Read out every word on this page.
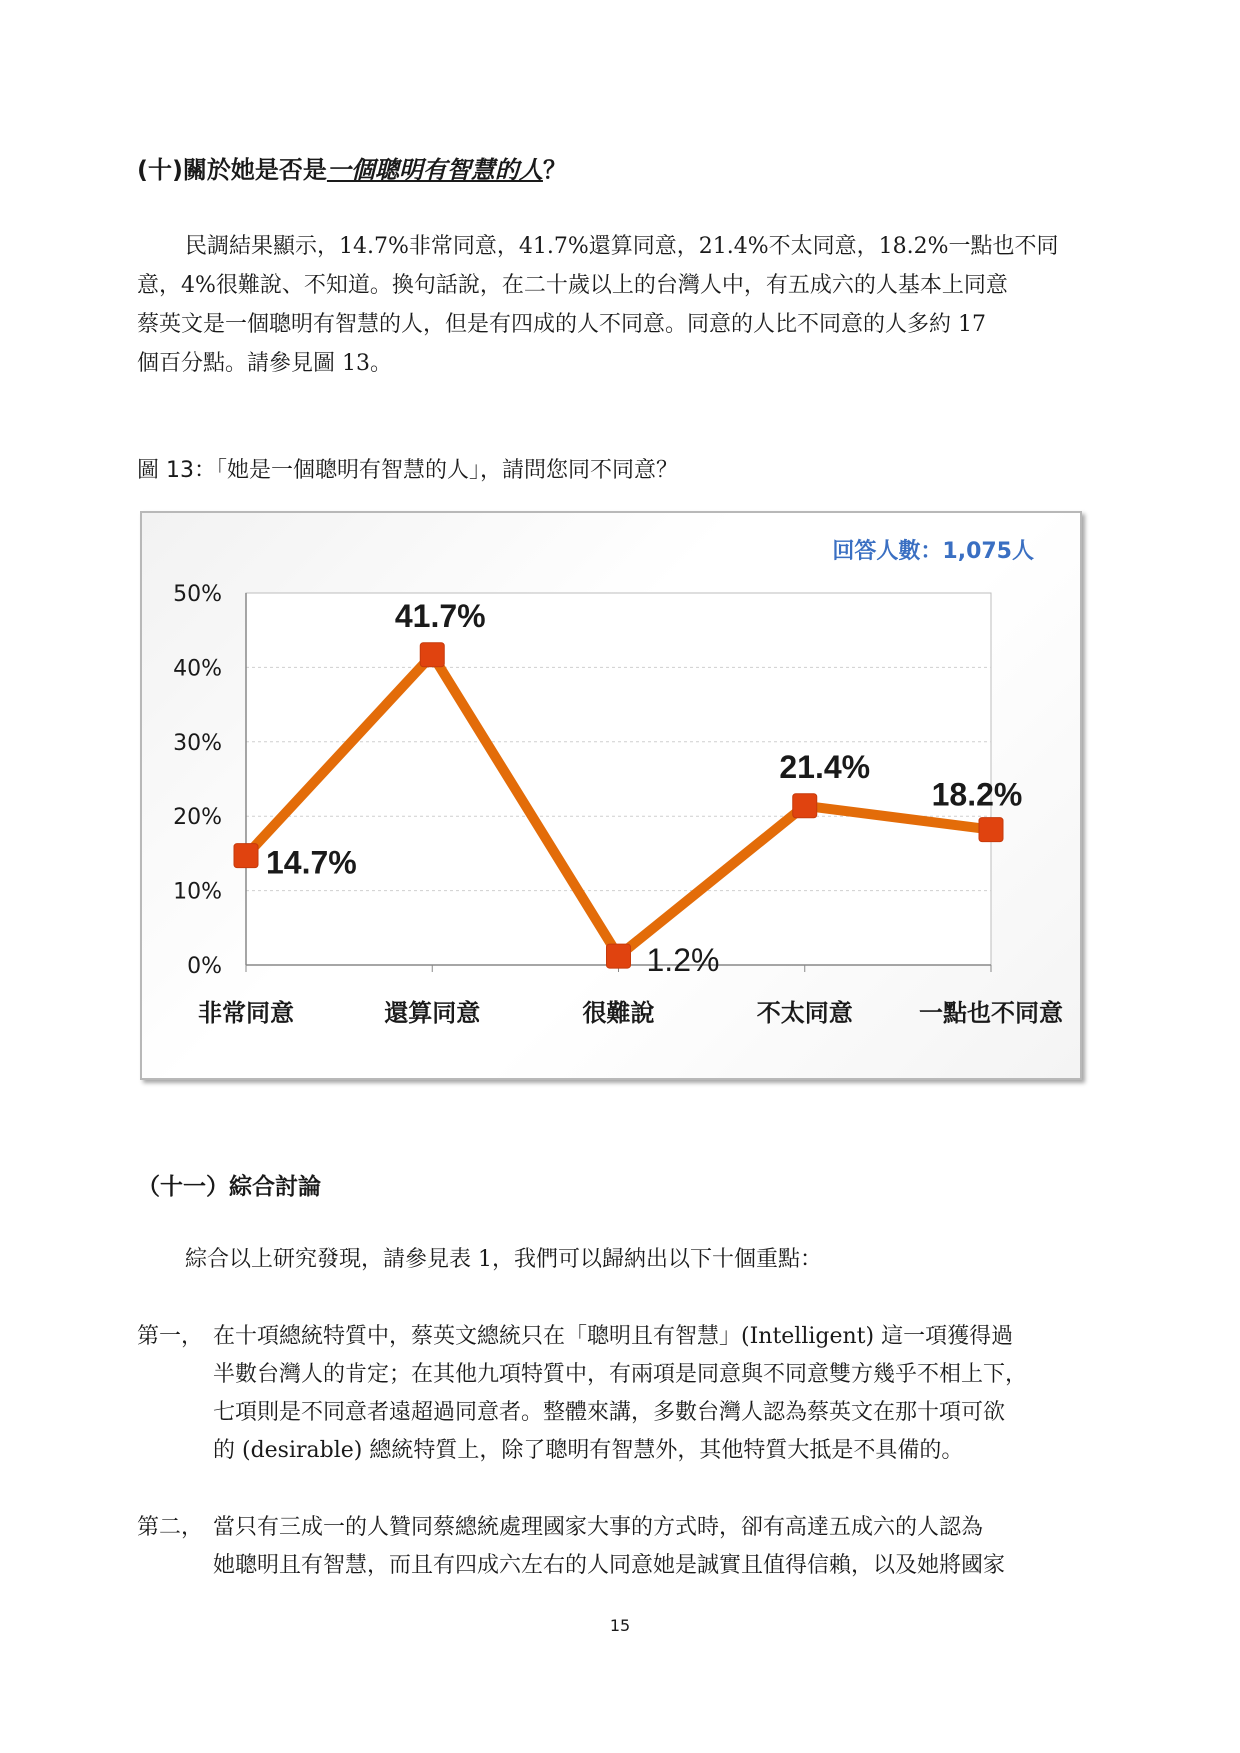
(十)關於她是否是一個聰明有智慧的人？
民調結果顯示，14.7%非常同意，41.7%還算同意，21.4%不太同意，18.2%一點也不同
意，4%很難說、不知道。換句話說，在二十歲以上的台灣人中，有五成六的人基本上同意
蔡英文是一個聰明有智慧的人，但是有四成的人不同意。同意的人比不同意的人多約 17
個百分點。請參見圖 13。
圖 13：「她是一個聰明有智慧的人」，請問您同不同意？
0%
10%
20%
30%
40%
50%
非常同意	還算同意	很難說	不太同意	一點也不同意
14.7%
41.7%
1.2%
21.4%
18.2%
回答人數：1,075人
（十一）綜合討論
綜合以上研究發現，請參見表 1，我們可以歸納出以下十個重點：
第一， 在十項總統特質中，蔡英文總統只在「聰明且有智慧」(Intelligent) 這一項獲得過
半數台灣人的肯定；在其他九項特質中，有兩項是同意與不同意雙方幾乎不相上下，
七項則是不同意者遠超過同意者。整體來講，多數台灣人認為蔡英文在那十項可欲
的 (desirable) 總統特質上，除了聰明有智慧外，其他特質大抵是不具備的。
第二， 當只有三成一的人贊同蔡總統處理國家大事的方式時，卻有高達五成六的人認為
她聰明且有智慧，而且有四成六左右的人同意她是誠實且值得信賴，以及她將國家
15
